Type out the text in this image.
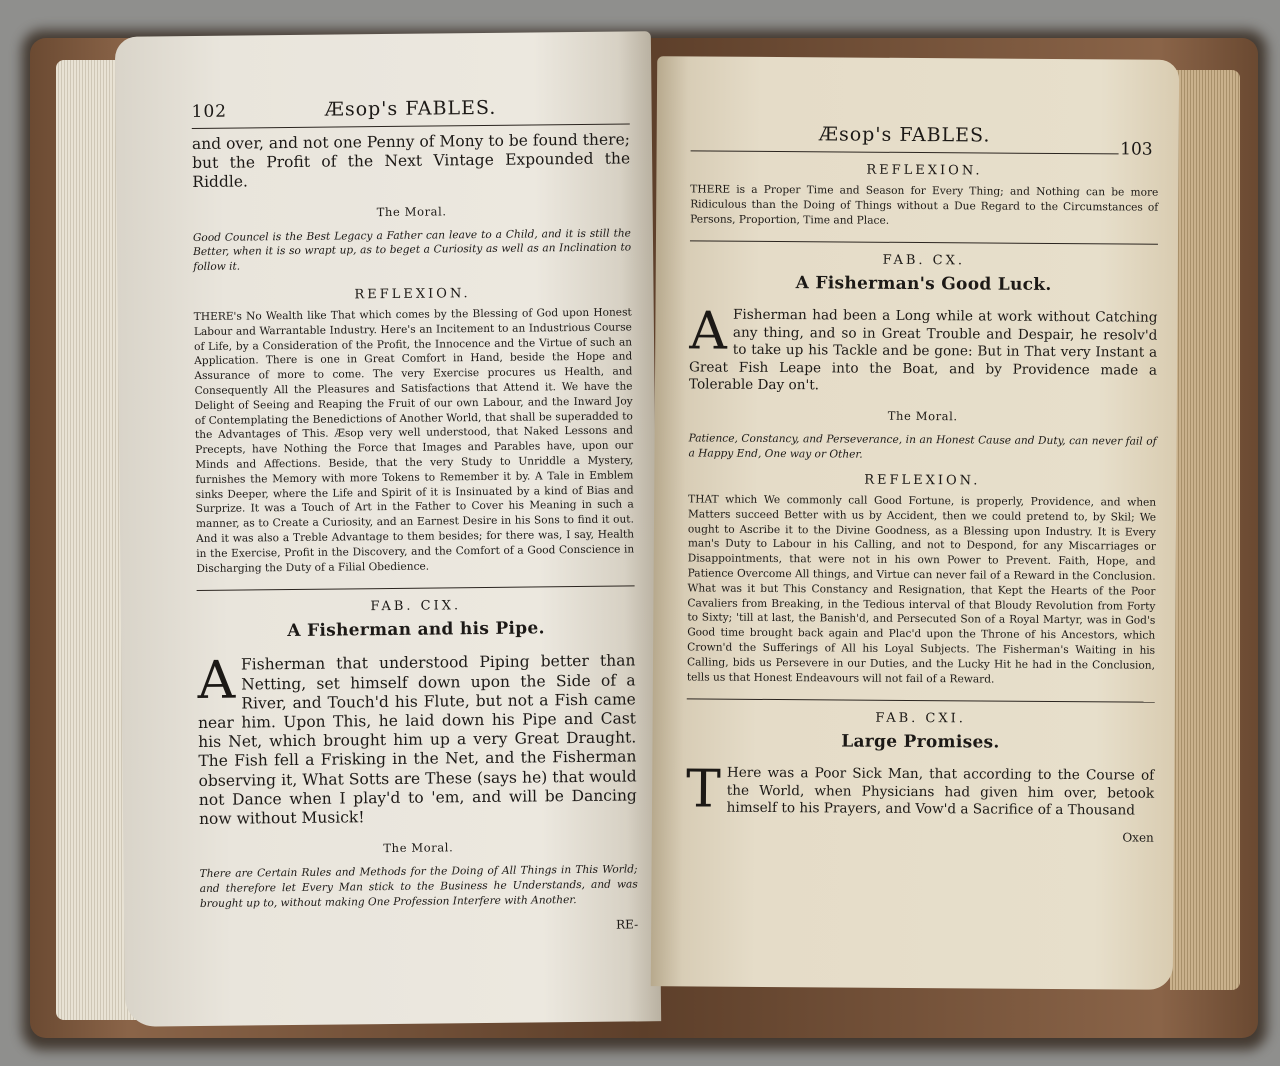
102	Æsop's FABLES.

and over, and not one Penny of Mony to be found there; but the Profit of the Next Vintage Expounded the Riddle.

The Moral.

Good Councel is the Best Legacy a Father can leave to a Child, and it is still the Better, when it is so wrapt up, as to beget a Curiosity as well as an Inclination to follow it.

REFLEXION.

THERE's No Wealth like That which comes by the Blessing of God upon Honest Labour and Warrantable Industry. Here's an Incitement to an Industrious Course of Life, by a Consideration of the Profit, the Innocence and the Virtue of such an Application. There is one in Great Comfort in Hand, beside the Hope and Assurance of more to come. The very Exercise procures us Health, and Consequently All the Pleasures and Satisfactions that Attend it. We have the Delight of Seeing and Reaping the Fruit of our own Labour, and the Inward Joy of Contemplating the Benedictions of Another World, that shall be superadded to the Advantages of This. Æsop very well understood, that Naked Lessons and Precepts, have Nothing the Force that Images and Parables have, upon our Minds and Affections. Beside, that the very Study to Unriddle a Mystery, furnishes the Memory with more Tokens to Remember it by. A Tale in Emblem sinks Deeper, where the Life and Spirit of it is Insinuated by a kind of Bias and Surprize. It was a Touch of Art in the Father to Cover his Meaning in such a manner, as to Create a Curiosity, and an Earnest Desire in his Sons to find it out. And it was also a Treble Advantage to them besides; for there was, I say, Health in the Exercise, Profit in the Discovery, and the Comfort of a Good Conscience in Discharging the Duty of a Filial Obedience.

FAB. CIX.
A Fisherman and his Pipe.
A Fisherman that understood Piping better than Netting, set himself down upon the Side of a River, and Touch'd his Flute, but not a Fish came near him. Upon This, he laid down his Pipe and Cast his Net, which brought him up a very Great Draught. The Fish fell a Frisking in the Net, and the Fisherman observing it, What Sotts are These (says he) that would not Dance when I play'd to 'em, and will be Dancing now without Musick!

The Moral.

There are Certain Rules and Methods for the Doing of All Things in This World; and therefore let Every Man stick to the Business he Understands, and was brought up to, without making One Profession Interfere with Another.

RE-
Æsop's FABLES.
103
REFLEXION.

THERE is a Proper Time and Season for Every Thing; and Nothing can be more Ridiculous than the Doing of Things without a Due Regard to the Circumstances of Persons, Proportion, Time and Place.

FAB. CX.
A Fisherman's Good Luck.
A Fisherman had been a Long while at work without Catching any thing, and so in Great Trouble and Despair, he resolv'd to take up his Tackle and be gone: But in That very Instant a Great Fish Leape into the Boat, and by Providence made a Tolerable Day on't.

The Moral.

Patience, Constancy, and Perseverance, in an Honest Cause and Duty, can never fail of a Happy End, One way or Other.

REFLEXION.

THAT which We commonly call Good Fortune, is properly, Providence, and when Matters succeed Better with us by Accident, then we could pretend to, by Skil; We ought to Ascribe it to the Divine Goodness, as a Blessing upon Industry. It is Every man's Duty to Labour in his Calling, and not to Despond, for any Miscarriages or Disappointments, that were not in his own Power to Prevent. Faith, Hope, and Patience Overcome All things, and Virtue can never fail of a Reward in the Conclusion. What was it but This Constancy and Resignation, that Kept the Hearts of the Poor Cavaliers from Breaking, in the Tedious interval of that Bloudy Revolution from Forty to Sixty; 'till at last, the Banish'd, and Persecuted Son of a Royal Martyr, was in God's Good time brought back again and Plac'd upon the Throne of his Ancestors, which Crown'd the Sufferings of All his Loyal Subjects. The Fisherman's Waiting in his Calling, bids us Persevere in our Duties, and the Lucky Hit he had in the Conclusion, tells us that Honest Endeavours will not fail of a Reward.

FAB. CXI.
Large Promises.
T Here was a Poor Sick Man, that according to the Course of the World, when Physicians had given him over, betook himself to his Prayers, and Vow'd a Sacrifice of a Thousand

Oxen
